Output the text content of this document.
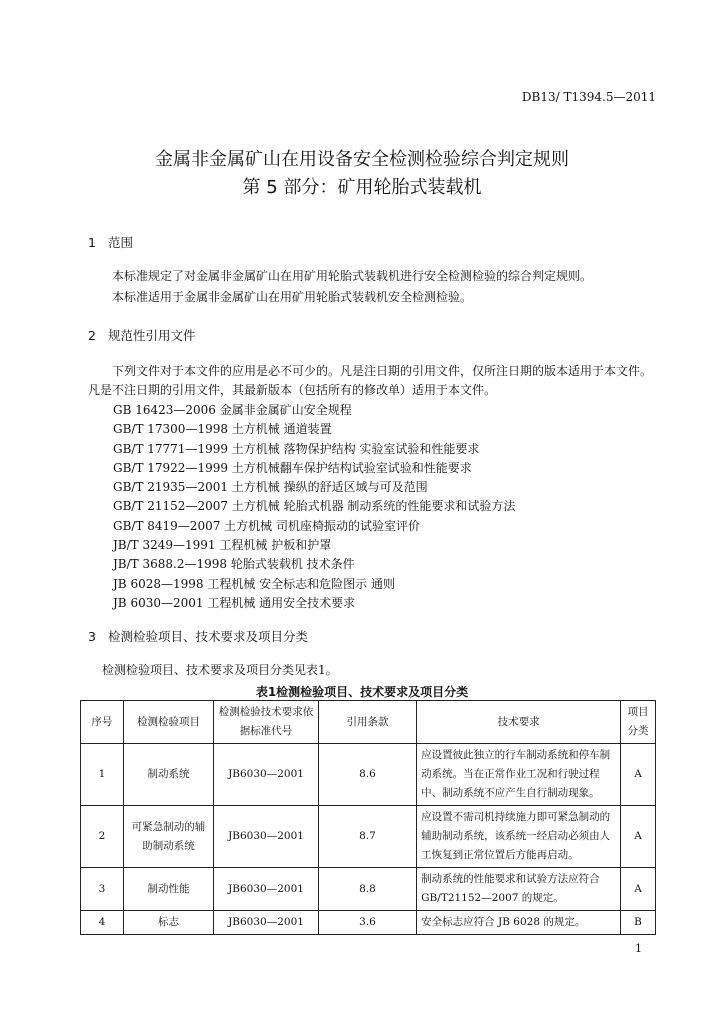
DB13/ T1394.5—2011
金属非金属矿山在用设备安全检测检验综合判定规则
第 5 部分：矿用轮胎式装载机
1 范围
本标准规定了对金属非金属矿山在用矿用轮胎式装载机进行安全检测检验的综合判定规则。
本标准适用于金属非金属矿山在用矿用轮胎式装载机安全检测检验。
2 规范性引用文件
下列文件对于本文件的应用是必不可少的。凡是注日期的引用文件，仅所注日期的版本适用于本文件。凡是不注日期的引用文件，其最新版本（包括所有的修改单）适用于本文件。
GB 16423—2006 金属非金属矿山安全规程
GB/T 17300—1998 土方机械 通道装置
GB/T 17771—1999 土方机械 落物保护结构 实验室试验和性能要求
GB/T 17922—1999 土方机械翻车保护结构试验室试验和性能要求
GB/T 21935—2001 土方机械 操纵的舒适区域与可及范围
GB/T 21152—2007 土方机械 轮胎式机器 制动系统的性能要求和试验方法
GB/T 8419—2007 土方机械 司机座椅振动的试验室评价
JB/T 3249—1991 工程机械 护板和护罩
JB/T 3688.2—1998 轮胎式装载机 技术条件
JB 6028—1998 工程机械 安全标志和危险图示 通则
JB 6030—2001 工程机械 通用安全技术要求
3 检测检验项目、技术要求及项目分类
检测检验项目、技术要求及项目分类见表1。
表1检测检验项目、技术要求及项目分类
序号	检测检验项目	检测检验技术要求依据标准代号	引用条款	技术要求	项目分类
1	制动系统	JB6030—2001	8.6	应设置彼此独立的行车制动系统和停车制动系统。当在正常作业工况和行驶过程中、制动系统不应产生自行制动现象。	A
2	可紧急制动的辅助制动系统	JB6030—2001	8.7	应设置不需司机持续施力即可紧急制动的辅助制动系统，该系统一经启动必须由人工恢复到正常位置后方能再启动。	A
3	制动性能	JB6030—2001	8.8	制动系统的性能要求和试验方法应符合GB/T21152—2007 的规定。	A
4	标志	JB6030—2001	3.6	安全标志应符合 JB 6028 的规定。	B
1
